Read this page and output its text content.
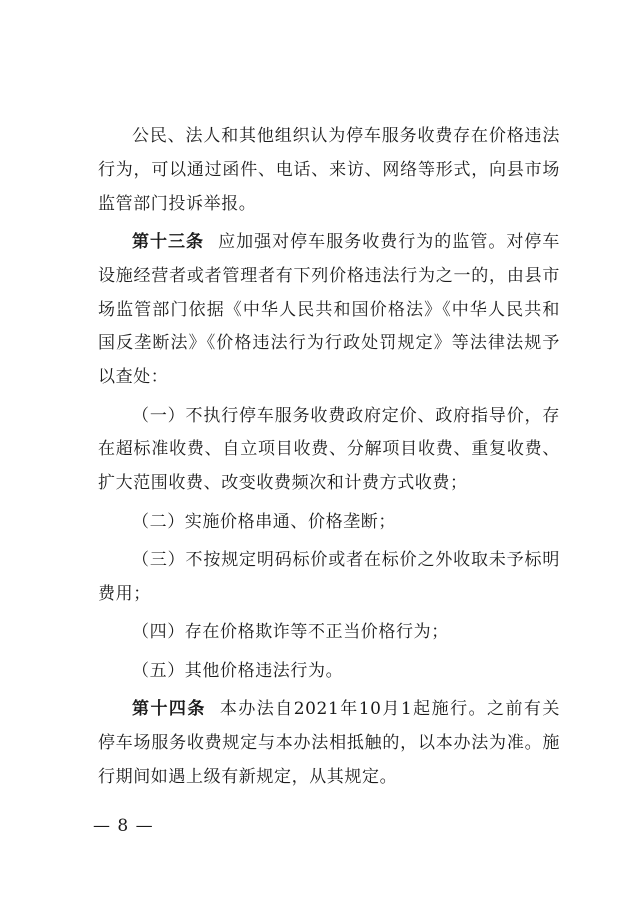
公民、法人和其他组织认为停车服务收费存在价格违法行为，可以通过函件、电话、来访、网络等形式，向县市场监管部门投诉举报。

第十三条 应加强对停车服务收费行为的监管。对停车设施经营者或者管理者有下列价格违法行为之一的，由县市场监管部门依据《中华人民共和国价格法》《中华人民共和国反垄断法》《价格违法行为行政处罚规定》等法律法规予以查处：

（一）不执行停车服务收费政府定价、政府指导价，存在超标准收费、自立项目收费、分解项目收费、重复收费、扩大范围收费、改变收费频次和计费方式收费；

（二）实施价格串通、价格垄断；

（三）不按规定明码标价或者在标价之外收取未予标明费用；

（四）存在价格欺诈等不正当价格行为；

（五）其他价格违法行为。

第十四条 本办法自2021年10月1起施行。之前有关停车场服务收费规定与本办法相抵触的，以本办法为准。施行期间如遇上级有新规定，从其规定。

— 8 —
